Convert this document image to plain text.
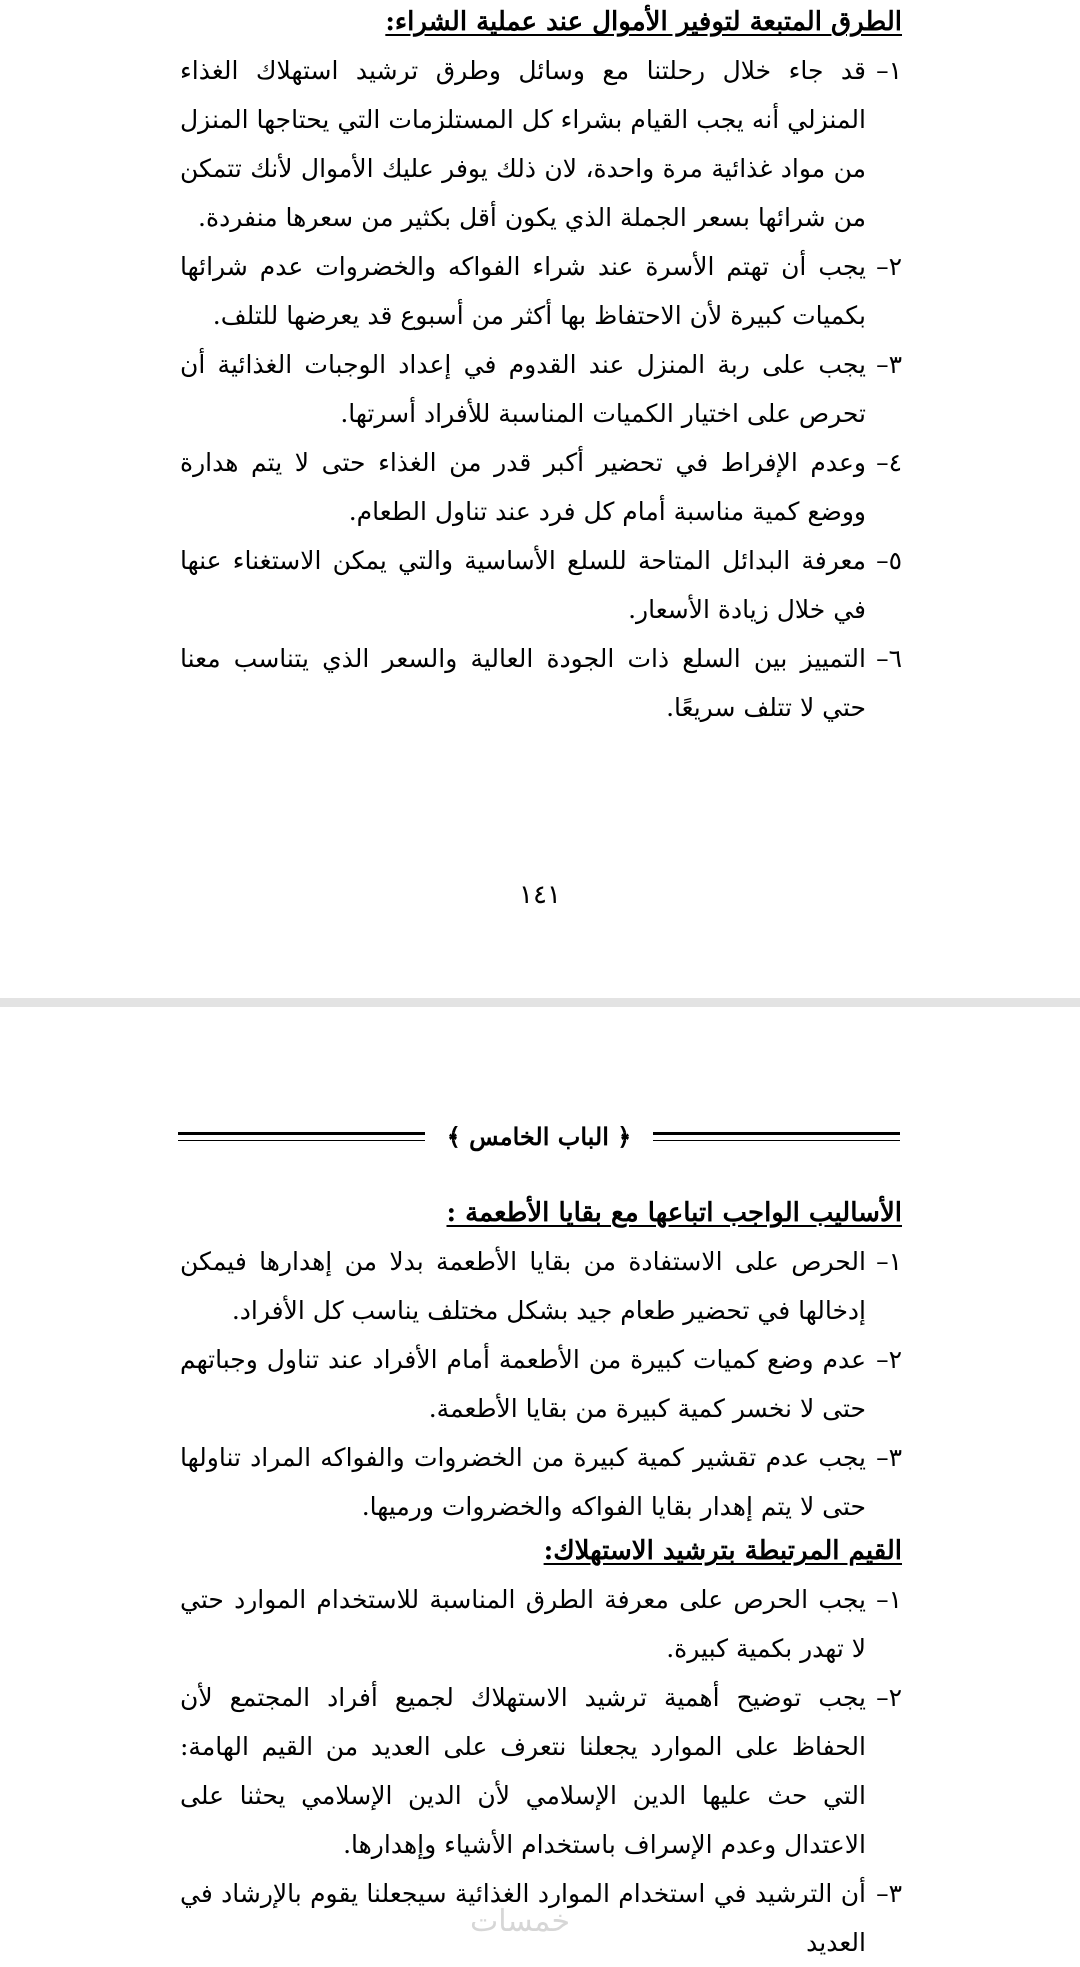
الطرق المتبعة لتوفير الأموال عند عملية الشراء:
١–
قد جاء خلال رحلتنا مع وسائل وطرق ترشيد استهلاك الغذاء المنزلي أنه يجب القيام بشراء كل المستلزمات التي يحتاجها المنزل من مواد غذائية مرة واحدة، لان ذلك يوفر عليك الأموال لأنك تتمكن من شرائها بسعر الجملة الذي يكون أقل بكثير من سعرها منفردة.
٢–
يجب أن تهتم الأسرة عند شراء الفواكه والخضروات عدم شرائها بكميات كبيرة لأن الاحتفاظ بها أكثر من أسبوع قد يعرضها للتلف.
٣–
يجب على ربة المنزل عند القدوم في إعداد الوجبات الغذائية أن تحرص على اختيار الكميات المناسبة للأفراد أسرتها.
٤–
وعدم الإفراط في تحضير أكبر قدر من الغذاء حتى لا يتم هدارة ووضع كمية مناسبة أمام كل فرد عند تناول الطعام.
٥–
معرفة البدائل المتاحة للسلع الأساسية والتي يمكن الاستغناء عنها في خلال زيادة الأسعار.
٦–
التمييز بين السلع ذات الجودة العالية والسعر الذي يتناسب معنا حتي لا تتلف سريعًا.
١٤١
﴿ الباب الخامس ﴾
الأساليب الواجب اتباعها مع بقايا الأطعمة :
١–
الحرص على الاستفادة من بقايا الأطعمة بدلا من إهدارها فيمكن إدخالها في تحضير طعام جيد بشكل مختلف يناسب كل الأفراد.
٢–
عدم وضع كميات كبيرة من الأطعمة أمام الأفراد عند تناول وجباتهم حتى لا نخسر كمية كبيرة من بقايا الأطعمة.
٣–
يجب عدم تقشير كمية كبيرة من الخضروات والفواكه المراد تناولها حتى لا يتم إهدار بقايا الفواكه والخضروات ورميها.
القيم المرتبطة بترشيد الاستهلاك:
١–
يجب الحرص على معرفة الطرق المناسبة للاستخدام الموارد حتي لا تهدر بكمية كبيرة.
٢–
يجب توضيح أهمية ترشيد الاستهلاك لجميع أفراد المجتمع لأن الحفاظ على الموارد يجعلنا نتعرف على العديد من القيم الهامة: التي حث عليها الدين الإسلامي لأن الدين الإسلامي يحثنا على الاعتدال وعدم الإسراف باستخدام الأشياء وإهدارها.
٣–
أن الترشيد في استخدام الموارد الغذائية سيجعلنا يقوم بالإرشاد في العديد
خمسات
